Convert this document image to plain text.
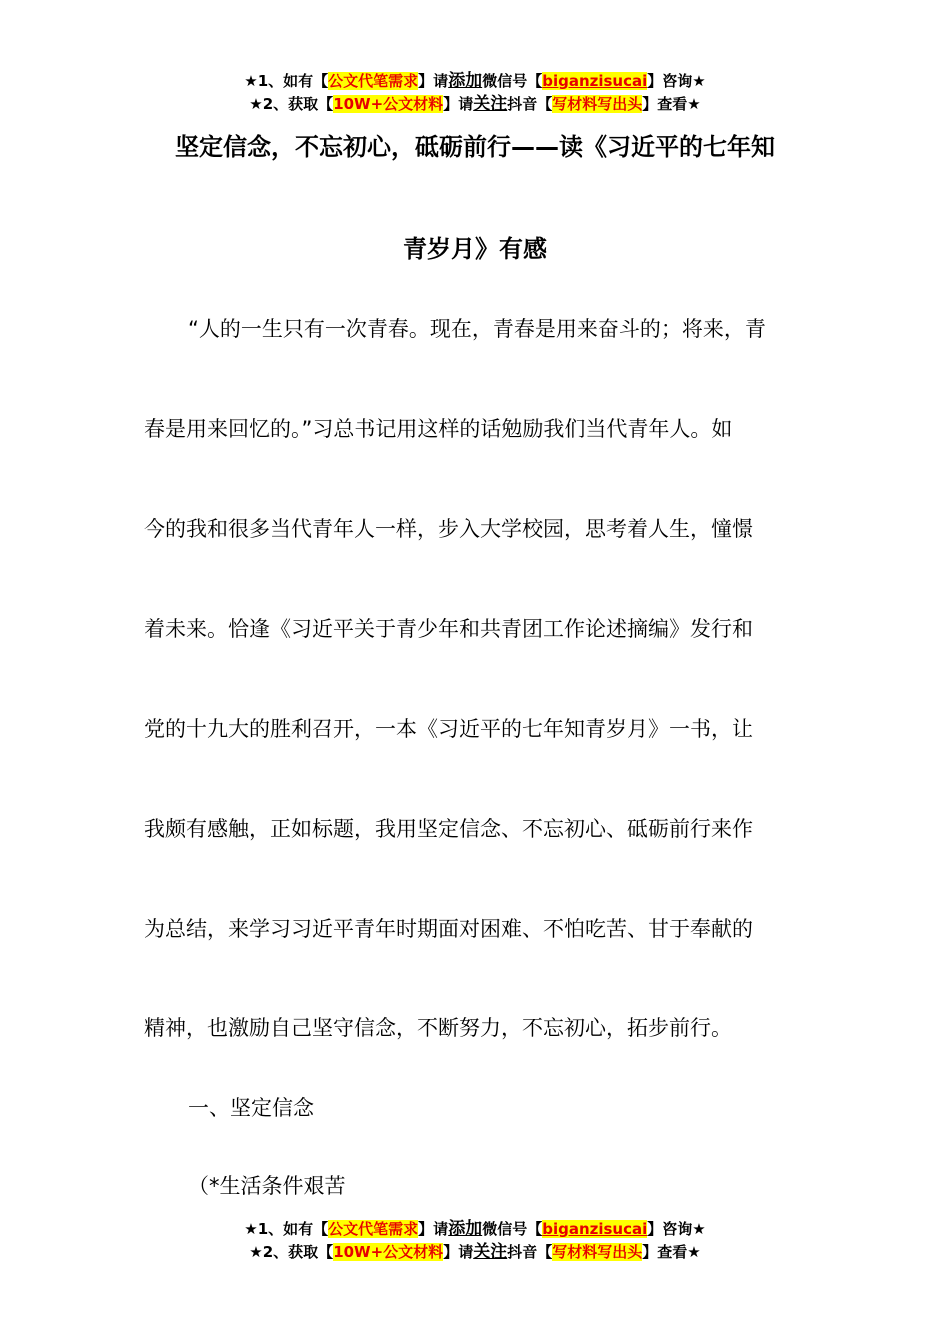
★1、如有【公文代笔需求】请添加微信号【biganzisucai】咨询★
★2、获取【10W+公文材料】请关注抖音【写材料写出头】查看★
坚定信念，不忘初心，砥砺前行——读《习近平的七年知
青岁月》有感
“人的一生只有一次青春。现在，青春是用来奋斗的；将来，青
春是用来回忆的。”习总书记用这样的话勉励我们当代青年人。如
今的我和很多当代青年人一样，步入大学校园，思考着人生，憧憬
着未来。恰逢《习近平关于青少年和共青团工作论述摘编》发行和
党的十九大的胜利召开，一本《习近平的七年知青岁月》一书，让
我颇有感触，正如标题，我用坚定信念、不忘初心、砥砺前行来作
为总结，来学习习近平青年时期面对困难、不怕吃苦、甘于奉献的
精神，也激励自己坚守信念，不断努力，不忘初心，拓步前行。
一、坚定信念
（*生活条件艰苦
★1、如有【公文代笔需求】请添加微信号【biganzisucai】咨询★
★2、获取【10W+公文材料】请关注抖音【写材料写出头】查看★
